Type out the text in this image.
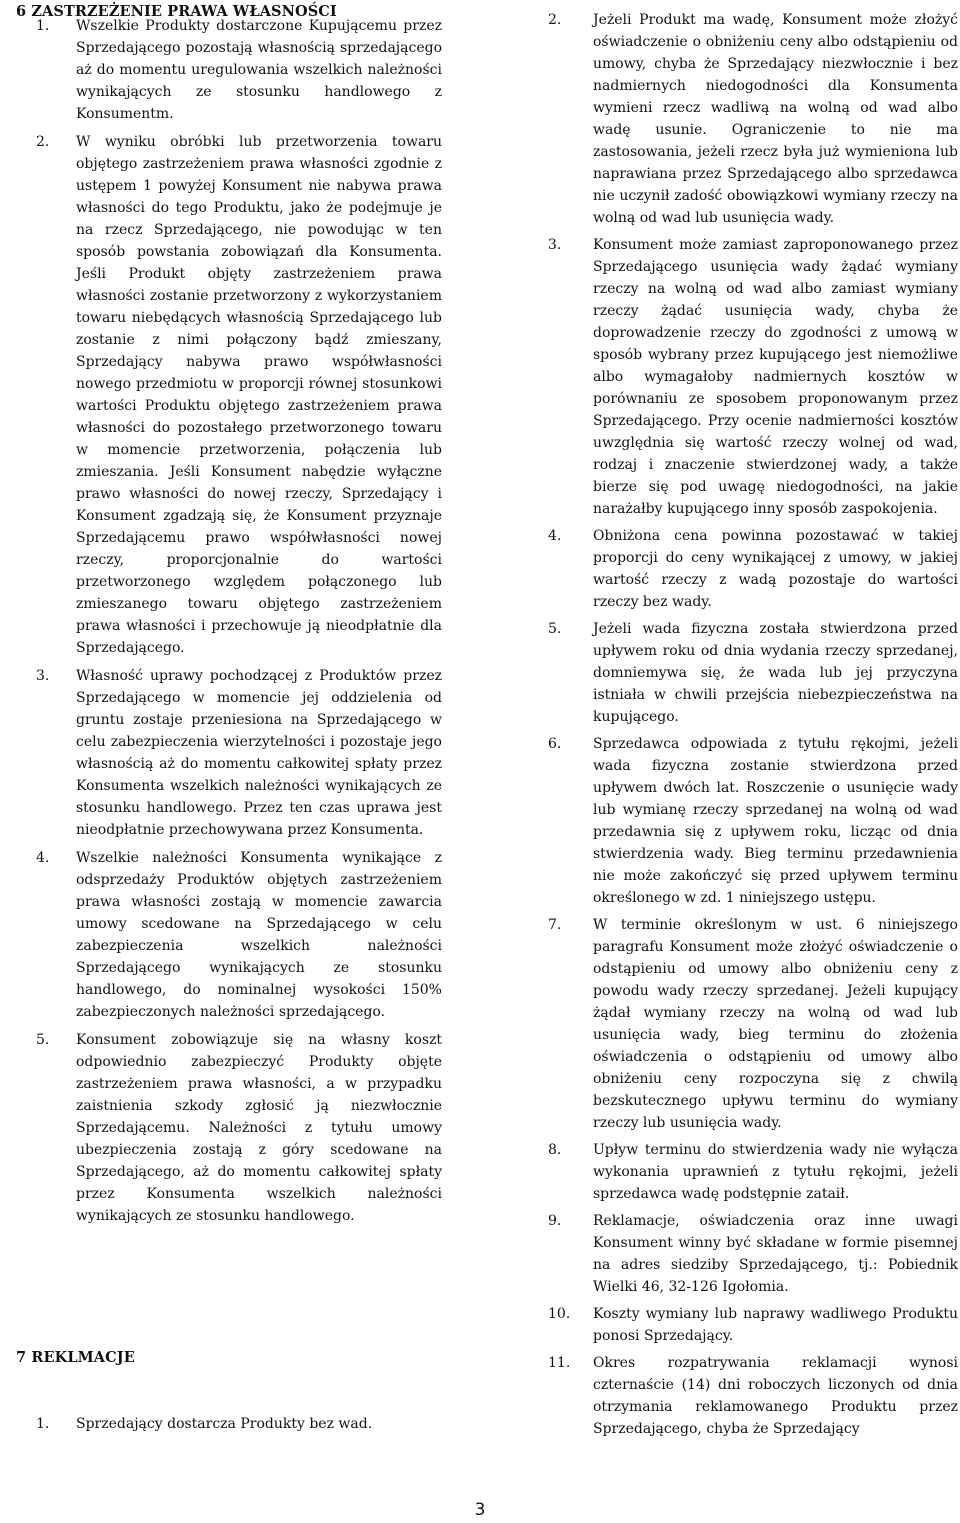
6 ZASTRZEŻENIE PRAWA WŁASNOŚCI
1. Wszelkie Produkty dostarczone Kupującemu przez Sprzedającego pozostają własnością sprzedającego aż do momentu uregulowania wszelkich należności wynikających ze stosunku handlowego z Konsumentm.

2. W wyniku obróbki lub przetworzenia towaru objętego zastrzeżeniem prawa własności zgodnie z ustępem 1 powyżej Konsument nie nabywa prawa własności do tego Produktu, jako że podejmuje je na rzecz Sprzedającego, nie powodując w ten sposób powstania zobowiązań dla Konsumenta. Jeśli Produkt objęty zastrzeżeniem prawa własności zostanie przetworzony z wykorzystaniem towaru niebędących własnością Sprzedającego lub zostanie z nimi połączony bądź zmieszany, Sprzedający nabywa prawo współwłasności nowego przedmiotu w proporcji równej stosunkowi wartości Produktu objętego zastrzeżeniem prawa własności do pozostałego przetworzonego towaru w momencie przetworzenia, połączenia lub zmieszania. Jeśli Konsument nabędzie wyłączne prawo własności do nowej rzeczy, Sprzedający i Konsument zgadzają się, że Konsument przyznaje Sprzedającemu prawo współwłasności nowej rzeczy, proporcjonalnie do wartości przetworzonego względem połączonego lub zmieszanego towaru objętego zastrzeżeniem prawa własności i przechowuje ją nieodpłatnie dla Sprzedającego.

3. Własność uprawy pochodzącej z Produktów przez Sprzedającego w momencie jej oddzielenia od gruntu zostaje przeniesiona na Sprzedającego w celu zabezpieczenia wierzytelności i pozostaje jego własnością aż do momentu całkowitej spłaty przez Konsumenta wszelkich należności wynikających ze stosunku handlowego. Przez ten czas uprawa jest nieodpłatnie przechowywana przez Konsumenta.

4. Wszelkie należności Konsumenta wynikające z odsprzedaży Produktów objętych zastrzeżeniem prawa własności zostają w momencie zawarcia umowy scedowane na Sprzedającego w celu zabezpieczenia wszelkich należności Sprzedającego wynikających ze stosunku handlowego, do nominalnej wysokości 150% zabezpieczonych należności sprzedającego.

5. Konsument zobowiązuje się na własny koszt odpowiednio zabezpieczyć Produkty objęte zastrzeżeniem prawa własności, a w przypadku zaistnienia szkody zgłosić ją niezwłocznie Sprzedającemu. Należności z tytułu umowy ubezpieczenia zostają z góry scedowane na Sprzedającego, aż do momentu całkowitej spłaty przez Konsumenta wszelkich należności wynikających ze stosunku handlowego.

7 REKLMACJE
1. Sprzedający dostarcza Produkty bez wad.

2. Jeżeli Produkt ma wadę, Konsument może złożyć oświadczenie o obniżeniu ceny albo odstąpieniu od umowy, chyba że Sprzedający niezwłocznie i bez nadmiernych niedogodności dla Konsumenta wymieni rzecz wadliwą na wolną od wad albo wadę usunie. Ograniczenie to nie ma zastosowania, jeżeli rzecz była już wymieniona lub naprawiana przez Sprzedającego albo sprzedawca nie uczynił zadość obowiązkowi wymiany rzeczy na wolną od wad lub usunięcia wady.

3. Konsument może zamiast zaproponowanego przez Sprzedającego usunięcia wady żądać wymiany rzeczy na wolną od wad albo zamiast wymiany rzeczy żądać usunięcia wady, chyba że doprowadzenie rzeczy do zgodności z umową w sposób wybrany przez kupującego jest niemożliwe albo wymagałoby nadmiernych kosztów w porównaniu ze sposobem proponowanym przez Sprzedającego. Przy ocenie nadmierności kosztów uwzględnia się wartość rzeczy wolnej od wad, rodzaj i znaczenie stwierdzonej wady, a także bierze się pod uwagę niedogodności, na jakie narażałby kupującego inny sposób zaspokojenia.

4. Obniżona cena powinna pozostawać w takiej proporcji do ceny wynikającej z umowy, w jakiej wartość rzeczy z wadą pozostaje do wartości rzeczy bez wady.

5. Jeżeli wada fizyczna została stwierdzona przed upływem roku od dnia wydania rzeczy sprzedanej, domniemywa się, że wada lub jej przyczyna istniała w chwili przejścia niebezpieczeństwa na kupującego.

6. Sprzedawca odpowiada z tytułu rękojmi, jeżeli wada fizyczna zostanie stwierdzona przed upływem dwóch lat. Roszczenie o usunięcie wady lub wymianę rzeczy sprzedanej na wolną od wad przedawnia się z upływem roku, licząc od dnia stwierdzenia wady. Bieg terminu przedawnienia nie może zakończyć się przed upływem terminu określonego w zd. 1 niniejszego ustępu.

7. W terminie określonym w ust. 6 niniejszego paragrafu Konsument może złożyć oświadczenie o odstąpieniu od umowy albo obniżeniu ceny z powodu wady rzeczy sprzedanej. Jeżeli kupujący żądał wymiany rzeczy na wolną od wad lub usunięcia wady, bieg terminu do złożenia oświadczenia o odstąpieniu od umowy albo obniżeniu ceny rozpoczyna się z chwilą bezskutecznego upływu terminu do wymiany rzeczy lub usunięcia wady.

8. Upływ terminu do stwierdzenia wady nie wyłącza wykonania uprawnień z tytułu rękojmi, jeżeli sprzedawca wadę podstępnie zataił.

9. Reklamacje, oświadczenia oraz inne uwagi Konsument winny być składane w formie pisemnej na adres siedziby Sprzedającego, tj.: Pobiednik Wielki 46, 32-126 Igołomia.

10. Koszty wymiany lub naprawy wadliwego Produktu ponosi Sprzedający.

11. Okres rozpatrywania reklamacji wynosi czternaście (14) dni roboczych liczonych od dnia otrzymania reklamowanego Produktu przez Sprzedającego, chyba że Sprzedający

3
